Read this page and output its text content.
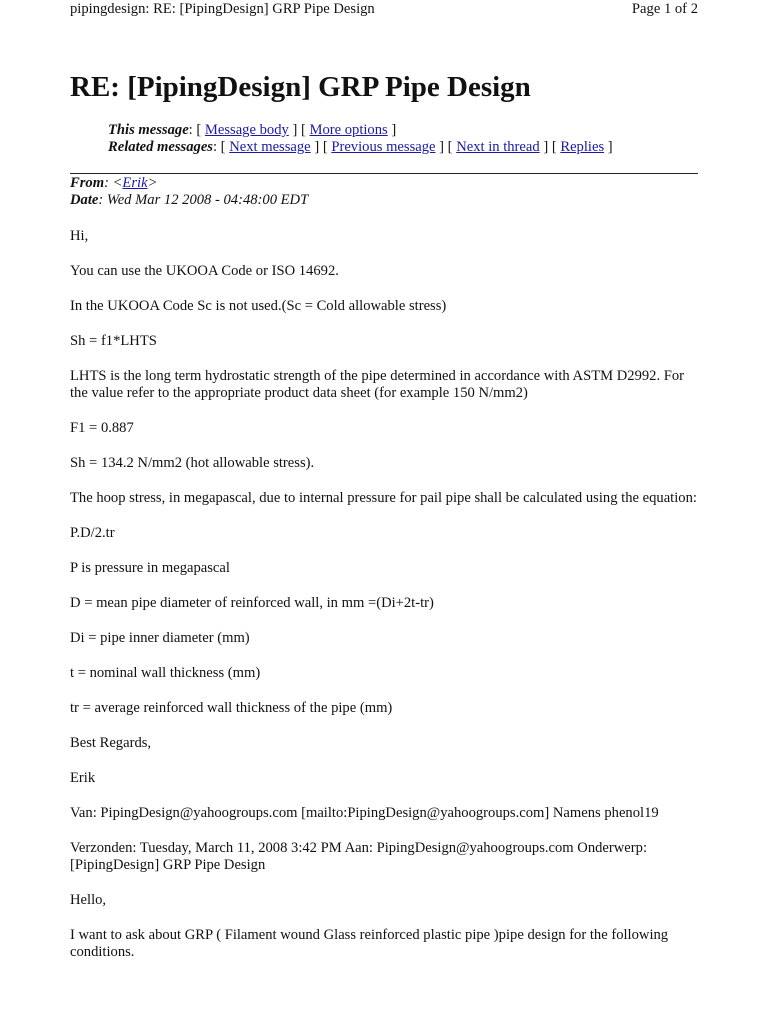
pipingdesign: RE: [PipingDesign] GRP Pipe Design	Page 1 of 2
RE: [PipingDesign] GRP Pipe Design
This message: [ Message body ] [ More options ]
Related messages: [ Next message ] [ Previous message ] [ Next in thread ] [ Replies ]
From: <Erik>
Date: Wed Mar 12 2008 - 04:48:00 EDT

Hi,

You can use the UKOOA Code or ISO 14692.

In the UKOOA Code Sc is not used.(Sc = Cold allowable stress)

Sh = f1*LHTS

LHTS is the long term hydrostatic strength of the pipe determined in accordance with ASTM D2992. For the value refer to the appropriate product data sheet (for example 150 N/mm2)

F1 = 0.887

Sh = 134.2 N/mm2 (hot allowable stress).

The hoop stress, in megapascal, due to internal pressure for pail pipe shall be calculated using the equation:

P.D/2.tr

P is pressure in megapascal

D = mean pipe diameter of reinforced wall, in mm =(Di+2t-tr)

Di = pipe inner diameter (mm)

t = nominal wall thickness (mm)

tr = average reinforced wall thickness of the pipe (mm)

Best Regards,

Erik

Van: PipingDesign@yahoogroups.com [mailto:PipingDesign@yahoogroups.com] Namens phenol19

Verzonden: Tuesday, March 11, 2008 3:42 PM Aan: PipingDesign@yahoogroups.com Onderwerp: [PipingDesign] GRP Pipe Design

Hello,

I want to ask about GRP ( Filament wound Glass reinforced plastic pipe )pipe design for the following conditions.
